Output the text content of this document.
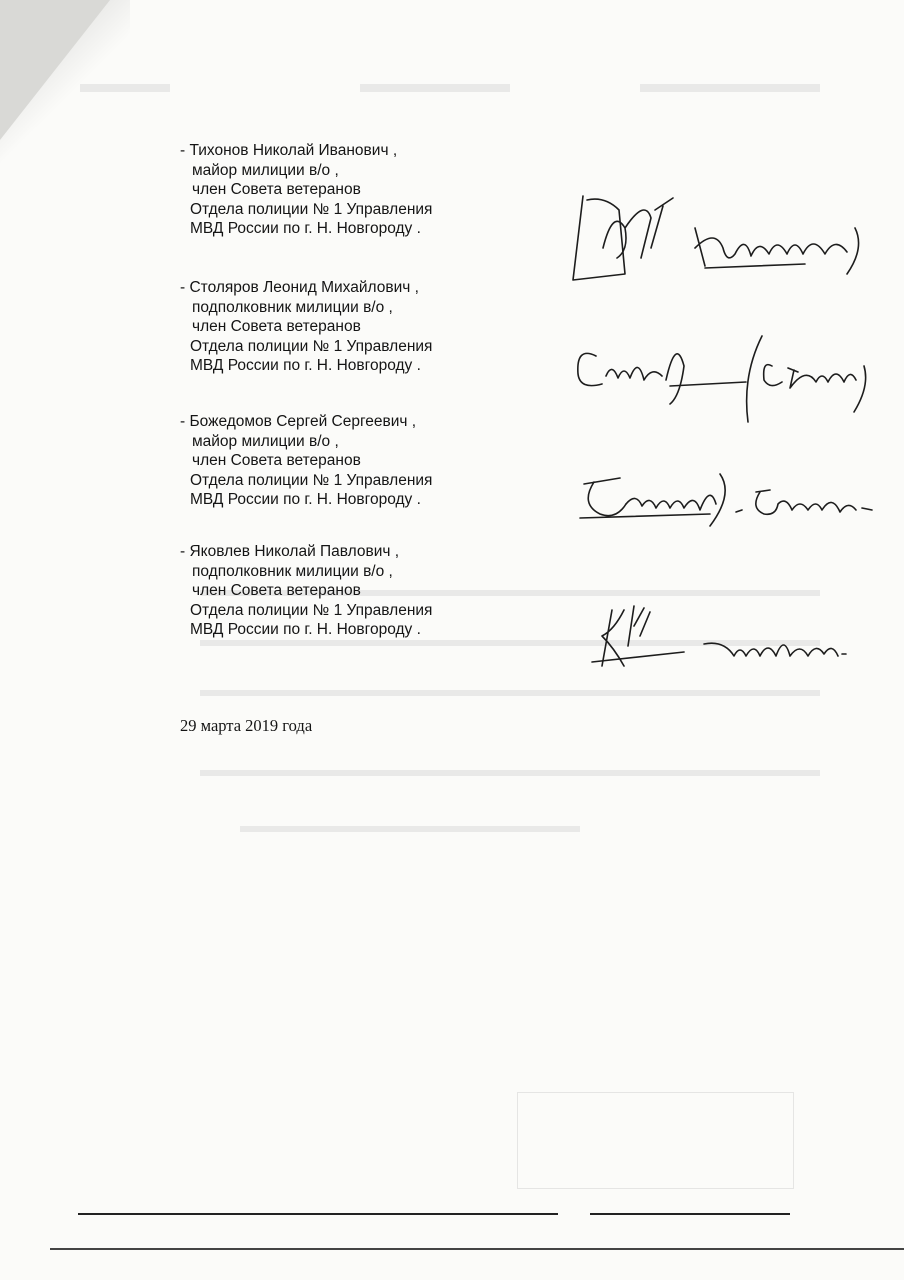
- Тихонов Николай Иванович ,
майор милиции в/о ,
член Совета ветеранов
Отдела полиции № 1 Управления
МВД России по г. Н. Новгороду .
- Столяров Леонид Михайлович ,
подполковник милиции в/о ,
член Совета ветеранов
Отдела полиции № 1 Управления
МВД России по г. Н. Новгороду .
- Божедомов Сергей Сергеевич ,
майор милиции в/о ,
член Совета ветеранов
Отдела полиции № 1 Управления
МВД России по г. Н. Новгороду .
- Яковлев Николай Павлович ,
подполковник милиции в/о ,
член Совета ветеранов
Отдела полиции № 1 Управления
МВД России по г. Н. Новгороду .
29 марта 2019 года
